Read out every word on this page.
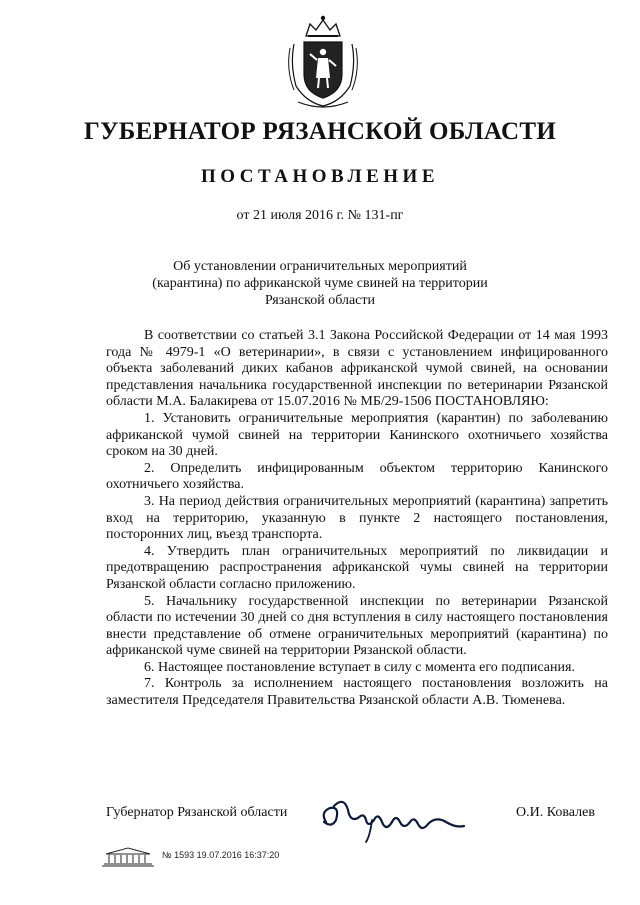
ГУБЕРНАТОР РЯЗАНСКОЙ ОБЛАСТИ
ПОСТАНОВЛЕНИЕ
от 21 июля 2016 г. № 131-пг
Об установлении ограничительных мероприятий
(карантина) по африканской чуме свиней на территории
Рязанской области

В соответствии со статьей 3.1 Закона Российской Федерации от 14 мая 1993 года № 4979-1 «О ветеринарии», в связи с установлением инфицированного объекта заболеваний диких кабанов африканской чумой свиней, на основании представления начальника государственной инспекции по ветеринарии Рязанской области М.А. Балакирева от 15.07.2016 № МБ/29-1506 ПОСТАНОВЛЯЮ:

1. Установить ограничительные мероприятия (карантин) по заболеванию африканской чумой свиней на территории Канинского охотничьего хозяйства сроком на 30 дней.

2. Определить инфицированным объектом территорию Канинского охотничьего хозяйства.

3. На период действия ограничительных мероприятий (карантина) запретить вход на территорию, указанную в пункте 2 настоящего постановления, посторонних лиц, въезд транспорта.

4. Утвердить план ограничительных мероприятий по ликвидации и предотвращению распространения африканской чумы свиней на территории Рязанской области согласно приложению.

5. Начальнику государственной инспекции по ветеринарии Рязанской области по истечении 30 дней со дня вступления в силу настоящего постановления внести представление об отмене ограничительных мероприятий (карантина) по африканской чуме свиней на территории Рязанской области.

6. Настоящее постановление вступает в силу с момента его подписания.

7. Контроль за исполнением настоящего постановления возложить на заместителя Председателя Правительства Рязанской области А.В. Тюменева.

Губернатор Рязанской области	О.И. Ковалев
№ 1593 19.07.2016 16:37:20
